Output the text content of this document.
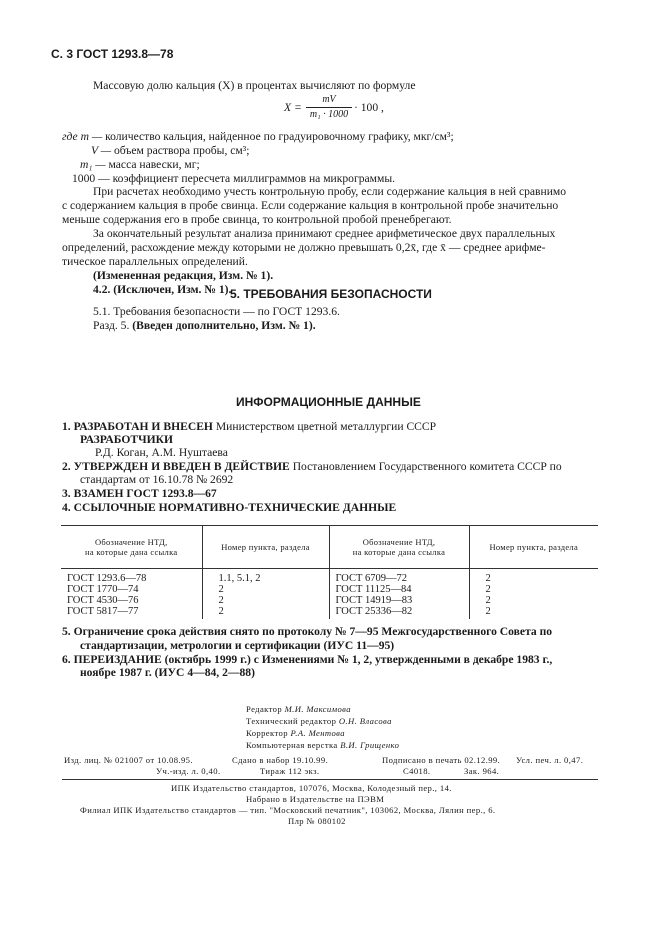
С. 3 ГОСТ 1293.8—78
Массовую долю кальция (X) в процентах вычисляют по формуле
X =
mV
m₁ · 1000
· 100 ,
где m — количество кальция, найденное по градуировочному графику, мкг/см³;
V — объем раствора пробы, см³;
m₁ — масса навески, мг;
1000 — коэффициент пересчета миллиграммов на микрограммы.
При расчетах необходимо учесть контрольную пробу, если содержание кальция в ней сравнимо
с содержанием кальция в пробе свинца. Если содержание кальция в контрольной пробе значительно
меньше содержания его в пробе свинца, то контрольной пробой пренебрегают.
За окончательный результат анализа принимают среднее арифметическое двух параллельных
определений, расхождение между которыми не должно превышать 0,2x̄, где x̄ — среднее арифме-
тическое параллельных определений.
(Измененная редакция, Изм. № 1).
4.2. (Исключен, Изм. № 1).
5. ТРЕБОВАНИЯ БЕЗОПАСНОСТИ
5.1. Требования безопасности — по ГОСТ 1293.6.
Разд. 5. (Введен дополнительно, Изм. № 1).
ИНФОРМАЦИОННЫЕ ДАННЫЕ
1. РАЗРАБОТАН И ВНЕСЕН Министерством цветной металлургии СССР
РАЗРАБОТЧИКИ
Р.Д. Коган, А.М. Нуштаева
2. УТВЕРЖДЕН И ВВЕДЕН В ДЕЙСТВИЕ Постановлением Государственного комитета СССР по
стандартам от 16.10.78 № 2692
3. ВЗАМЕН ГОСТ 1293.8—67
4. ССЫЛОЧНЫЕ НОРМАТИВНО-ТЕХНИЧЕСКИЕ ДАННЫЕ
Обозначение НТД,
на которые дана ссылка	Номер пункта, раздела	Обозначение НТД,
на которые дана ссылка	Номер пункта, раздела
ГОСТ 1293.6—78	1.1, 5.1, 2	ГОСТ 6709—72	2
ГОСТ 1770—74	2	ГОСТ 11125—84	2
ГОСТ 4530—76	2	ГОСТ 14919—83	2
ГОСТ 5817—77	2	ГОСТ 25336—82	2
5. Ограничение срока действия снято по протоколу № 7—95 Межгосударственного Совета по
стандартизации, метрологии и сертификации (ИУС 11—95)
6. ПЕРЕИЗДАНИЕ (октябрь 1999 г.) с Изменениями № 1, 2, утвержденными в декабре 1983 г.,
ноябре 1987 г. (ИУС 4—84, 2—88)
Редактор М.И. Максимова
Технический редактор О.Н. Власова
Корректор Р.А. Ментова
Компьютерная верстка В.И. Грищенко
Изд. лиц. № 021007 от 10.08.95.	Сдано в набор 19.10.99.	Подписано в печать 02.12.99. Усл. печ. л. 0,47.
Уч.-изд. л. 0,40.	Тираж 112 экз.	С4018.	Зак. 964.
ИПК Издательство стандартов, 107076, Москва, Колодезный пер., 14.
Набрано в Издательстве на ПЭВМ
Филиал ИПК Издательство стандартов — тип. "Московский печатник", 103062, Москва, Лялин пер., 6.
Плр № 080102
